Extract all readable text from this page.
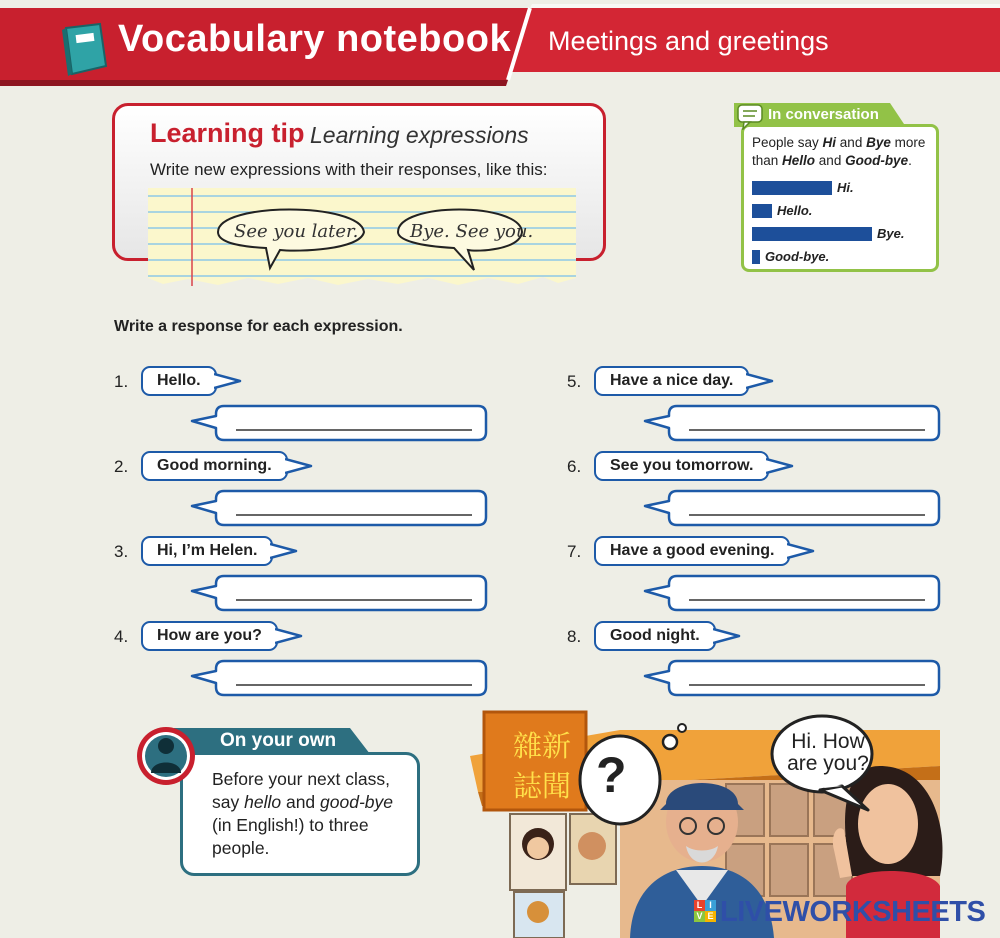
Vocabulary notebook Meetings and greetings
Learning tip Learning expressions
Write new expressions with their responses, like this:
See you later.	Bye. See you.
In conversation
People say Hi and Bye more than Hello and Good-bye.
Hi.
Hello.
Bye.
Good-bye.
Write a response for each expression.
1. Hello.
2. Good morning.
3. Hi, I’m Helen.
4. How are you?
5. Have a nice day.
6. See you tomorrow.
7. Have a good evening.
8. Good night.
On your own
Before your next class, say hello and good-bye (in English!) to three people.
雜新誌聞 ?
Hi. How are you?
L I
V E LIVEWORKSHEETS
